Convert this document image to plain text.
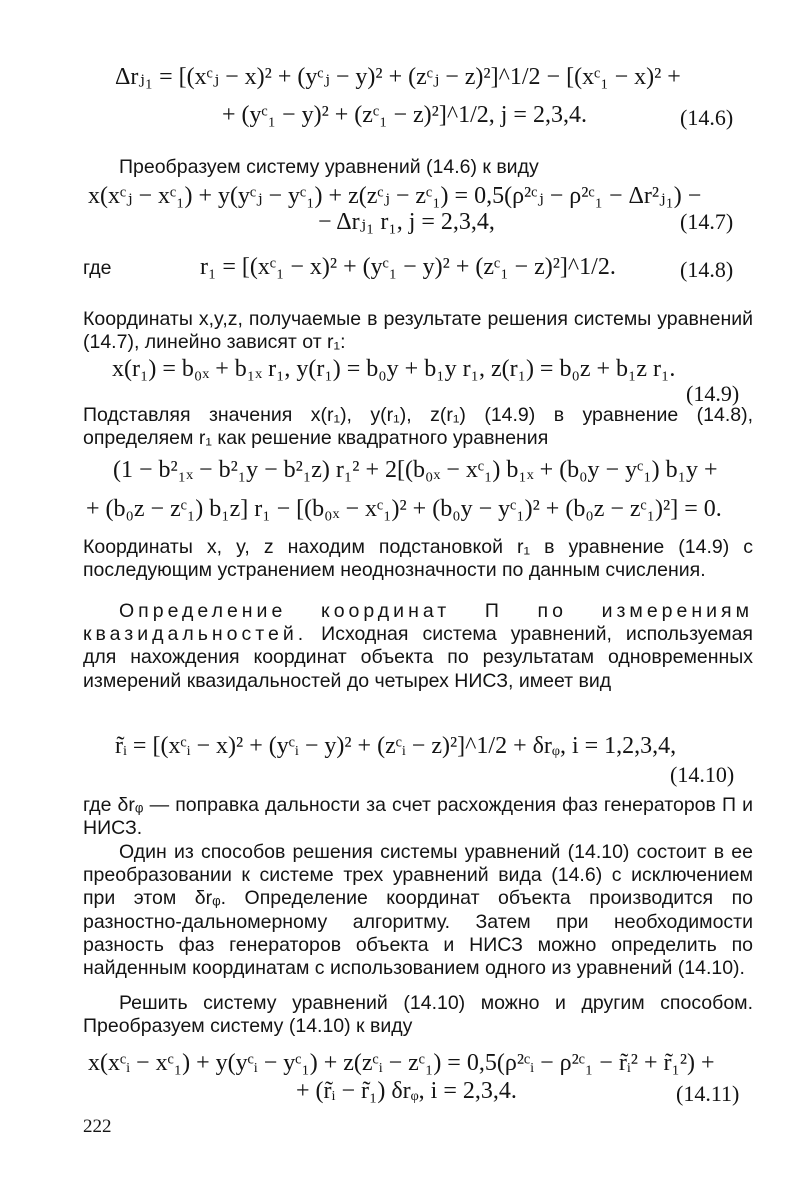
Δrⱼ₁ = [(xᶜⱼ − x)² + (yᶜⱼ − y)² + (zᶜⱼ − z)²]^1/2 − [(xᶜ₁ − x)² +
+ (yᶜ₁ − y)² + (zᶜ₁ − z)²]^1/2, j = 2,3,4.	(14.6)
Преобразуем систему уравнений (14.6) к виду
x(xᶜⱼ − xᶜ₁) + y(yᶜⱼ − yᶜ₁) + z(zᶜⱼ − zᶜ₁) = 0,5(ρ²ᶜⱼ − ρ²ᶜ₁ − Δr²ⱼ₁) −
− Δrⱼ₁ r₁, j = 2,3,4,	(14.7)
где	r₁ = [(xᶜ₁ − x)² + (yᶜ₁ − y)² + (zᶜ₁ − z)²]^1/2.	(14.8)
Координаты x,y,z, получаемые в результате решения системы уравнений (14.7), линейно зависят от r₁:
x(r₁) = b₀ₓ + b₁ₓ r₁, y(r₁) = b₀y + b₁y r₁, z(r₁) = b₀z + b₁z r₁.
(14.9)
Подставляя значения x(r₁), y(r₁), z(r₁) (14.9) в уравнение (14.8), определяем r₁ как решение квадратного уравнения
(1 − b²₁ₓ − b²₁y − b²₁z) r₁² + 2[(b₀ₓ − xᶜ₁) b₁ₓ + (b₀y − yᶜ₁) b₁y +
+ (b₀z − zᶜ₁) b₁z] r₁ − [(b₀ₓ − xᶜ₁)² + (b₀y − yᶜ₁)² + (b₀z − zᶜ₁)²] = 0.
Координаты x, y, z находим подстановкой r₁ в уравнение (14.9) с последующим устранением неоднозначности по данным счисления.
Определение координат П по измерениям квазидальностей. Исходная система уравнений, используемая для нахождения координат объекта по результатам одновременных измерений квазидальностей до четырех НИСЗ, имеет вид
r̃ᵢ = [(xᶜᵢ − x)² + (yᶜᵢ − y)² + (zᶜᵢ − z)²]^1/2 + δrᵩ, i = 1,2,3,4,
(14.10)
где δrᵩ — поправка дальности за счет расхождения фаз генераторов П и НИСЗ.
Один из способов решения системы уравнений (14.10) состоит в ее преобразовании к системе трех уравнений вида (14.6) с исключением при этом δrᵩ. Определение координат объекта производится по разностно-дальномерному алгоритму. Затем при необходимости разность фаз генераторов объекта и НИСЗ можно определить по найденным координатам с использованием одного из уравнений (14.10).
Решить систему уравнений (14.10) можно и другим способом. Преобразуем систему (14.10) к виду
x(xᶜᵢ − xᶜ₁) + y(yᶜᵢ − yᶜ₁) + z(zᶜᵢ − zᶜ₁) = 0,5(ρ²ᶜᵢ − ρ²ᶜ₁ − r̃ᵢ² + r̃₁²) +
+ (r̃ᵢ − r̃₁) δrᵩ, i = 2,3,4.	(14.11)
222
